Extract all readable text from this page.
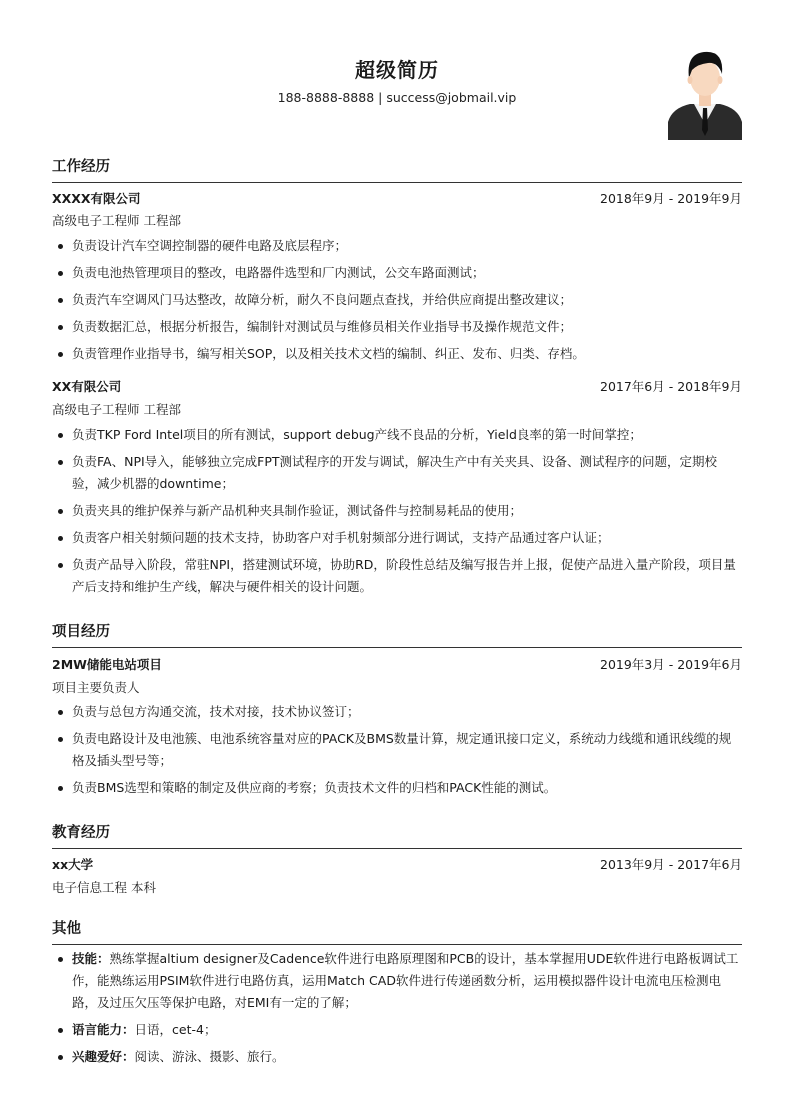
超级简历
188-8888-8888 | success@jobmail.vip
工作经历
XXXX有限公司	2018年9月 - 2019年9月
高级电子工程师 工程部
负责设计汽车空调控制器的硬件电路及底层程序；
负责电池热管理项目的整改，电路器件选型和厂内测试，公交车路面测试；
负责汽车空调风门马达整改，故障分析，耐久不良问题点查找，并给供应商提出整改建议；
负责数据汇总，根据分析报告，编制针对测试员与维修员相关作业指导书及操作规范文件；
负责管理作业指导书，编写相关SOP，以及相关技术文档的编制、纠正、发布、归类、存档。
XX有限公司	2017年6月 - 2018年9月
高级电子工程师 工程部
负责TKP Ford Intel项目的所有测试，support debug产线不良品的分析，Yield良率的第一时间掌控；
负责FA、NPI导入，能够独立完成FPT测试程序的开发与调试，解决生产中有关夹具、设备、测试程序的问题，定期校验，减少机器的downtime；
负责夹具的维护保养与新产品机种夹具制作验证，测试备件与控制易耗品的使用；
负责客户相关射频问题的技术支持，协助客户对手机射频部分进行调试，支持产品通过客户认证；
负责产品导入阶段，常驻NPI，搭建测试环境，协助RD，阶段性总结及编写报告并上报，促使产品进入量产阶段，项目量产后支持和维护生产线，解决与硬件相关的设计问题。
项目经历
2MW储能电站项目	2019年3月 - 2019年6月
项目主要负责人
负责与总包方沟通交流，技术对接，技术协议签订；
负责电路设计及电池簇、电池系统容量对应的PACK及BMS数量计算，规定通讯接口定义，系统动力线缆和通讯线缆的规格及插头型号等；
负责BMS选型和策略的制定及供应商的考察；负责技术文件的归档和PACK性能的测试。
教育经历
xx大学	2013年9月 - 2017年6月
电子信息工程 本科
其他
技能：熟练掌握altium designer及Cadence软件进行电路原理图和PCB的设计，基本掌握用UDE软件进行电路板调试工作，能熟练运用PSIM软件进行电路仿真，运用Match CAD软件进行传递函数分析，运用模拟器件设计电流电压检测电路，及过压欠压等保护电路，对EMI有一定的了解；
语言能力：日语，cet-4；
兴趣爱好：阅读、游泳、摄影、旅行。
